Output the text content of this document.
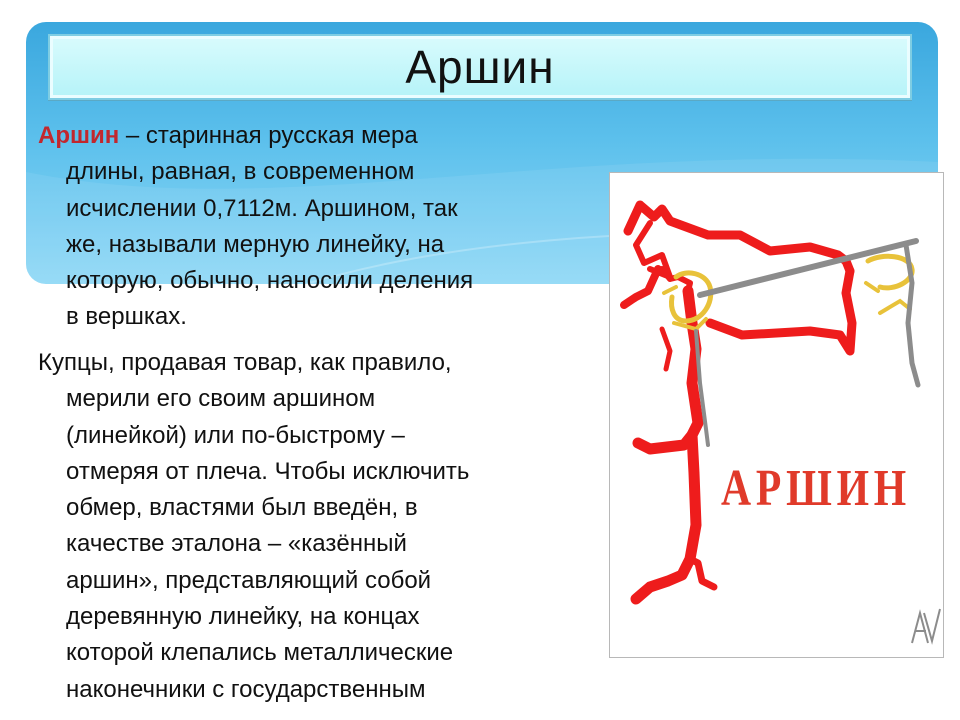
Аршин
Аршин – старинная русская мера
длины, равная, в современном
исчислении 0,7112м. Аршином, так
же, называли мерную линейку, на
которую, обычно, наносили деления
в вершках.
Купцы, продавая товар, как правило,
мерили его своим аршином
(линейкой) или по-быстрому –
отмеряя от плеча. Чтобы исключить
обмер, властями был введён, в
качестве эталона – «казённый
аршин», представляющий собой
деревянную линейку, на концах
которой клепались металлические
наконечники с государственным
АРШИН
AV
